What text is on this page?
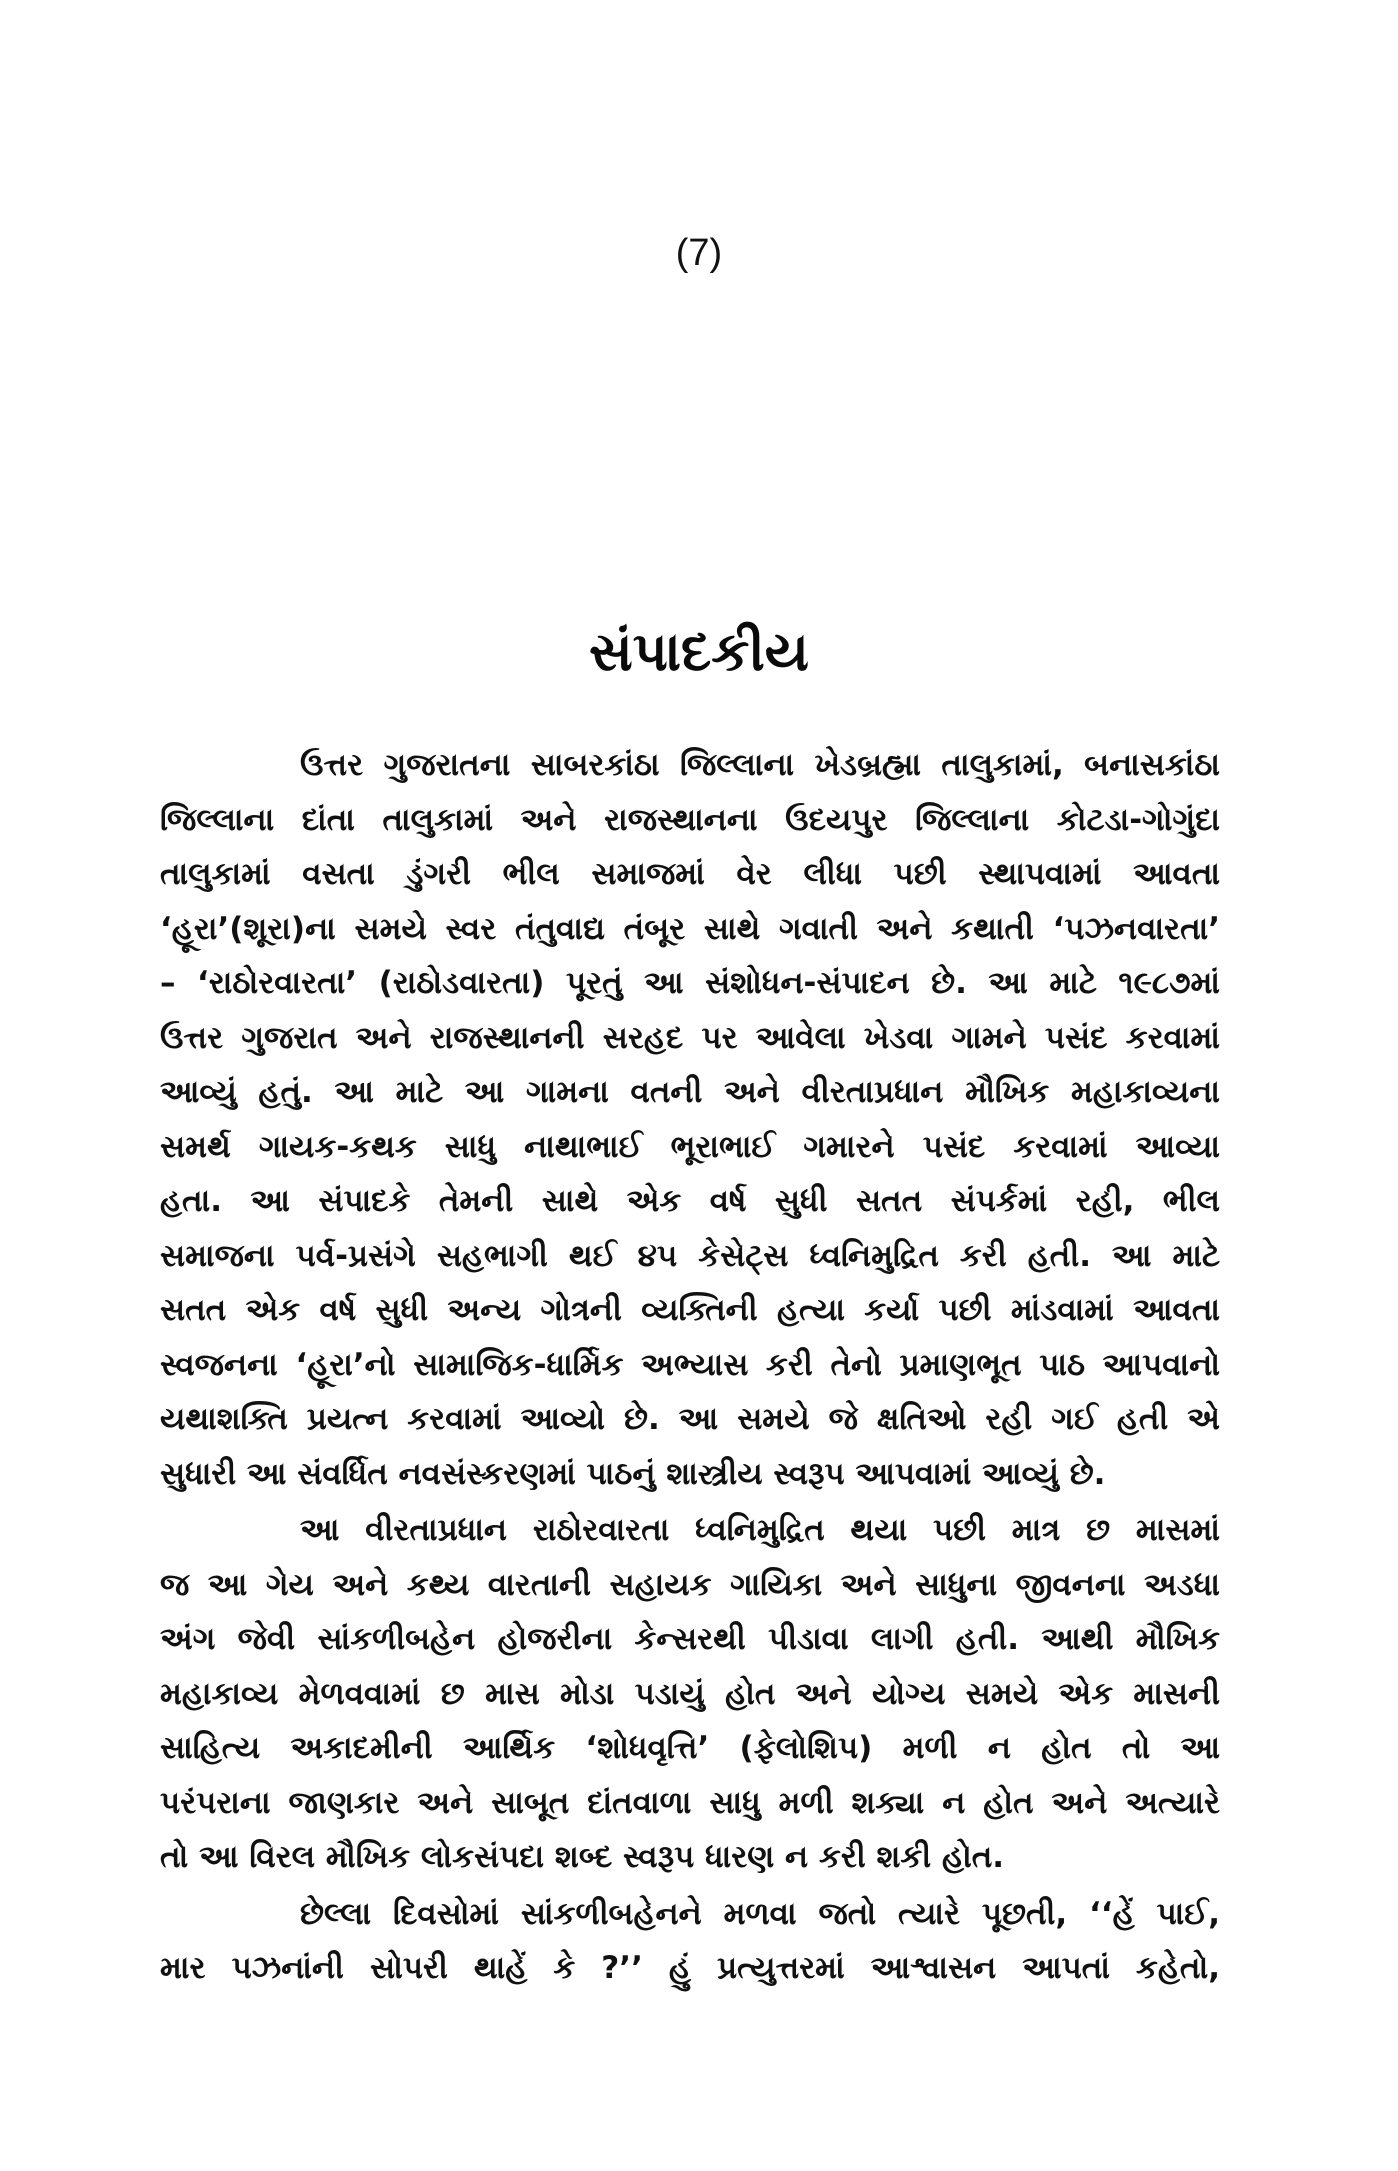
(7)
સંપાદકીય
ઉત્તર ગુજરાતના સાબરકાંઠા જિલ્લાના ખેડબ્રહ્મા તાલુકામાં, બનાસકાંઠા
જિલ્લાના દાંતા તાલુકામાં અને રાજસ્થાનના ઉદયપુર જિલ્લાના કોટડા-ગોગુંદા
તાલુકામાં વસતા ડુંગરી ભીલ સમાજમાં વેર લીધા પછી સ્થાપવામાં આવતા
‘હૂરા’(શૂરા)ના સમયે સ્વર તંતુવાદ્ય તંબૂર સાથે ગવાતી અને કથાતી ‘પઝનવારતા’
– ‘રાઠોરવારતા’ (રાઠોડવારતા) પૂરતું આ સંશોધન-સંપાદન છે. આ માટે ૧૯૮૭માં
ઉત્તર ગુજરાત અને રાજસ્થાનની સરહદ પર આવેલા ખેડવા ગામને પસંદ કરવામાં
આવ્યું હતું. આ માટે આ ગામના વતની અને વીરતાપ્રધાન મૌખિક મહાકાવ્યના
સમર્થ ગાયક-કથક સાધુ નાથાભાઈ ભૂરાભાઈ ગમારને પસંદ કરવામાં આવ્યા
હતા. આ સંપાદકે તેમની સાથે એક વર્ષ સુધી સતત સંપર્કમાં રહી, ભીલ
સમાજના પર્વ-પ્રસંગે સહભાગી થઈ ૪૫ કેસેટ્સ ધ્વનિમુદ્રિત કરી હતી. આ માટે
સતત એક વર્ષ સુધી અન્ય ગોત્રની વ્યક્તિની હત્યા કર્યા પછી માંડવામાં આવતા
સ્વજનના ‘હૂરા’નો સામાજિક-ધાર્મિક અભ્યાસ કરી તેનો પ્રમાણભૂત પાઠ આપવાનો
યથાશક્તિ પ્રયત્ન કરવામાં આવ્યો છે. આ સમયે જે ક્ષતિઓ રહી ગઈ હતી એ
સુધારી આ સંવર્ધિત નવસંસ્કરણમાં પાઠનું શાસ્ત્રીય સ્વરૂપ આપવામાં આવ્યું છે.
આ વીરતાપ્રધાન રાઠોરવારતા ધ્વનિમુદ્રિત થયા પછી માત્ર છ માસમાં
જ આ ગેય અને કથ્ય વારતાની સહાયક ગાયિકા અને સાધુના જીવનના અડધા
અંગ જેવી સાંકળીબહેન હોજરીના કેન્સરથી પીડાવા લાગી હતી. આથી મૌખિક
મહાકાવ્ય મેળવવામાં છ માસ મોડા પડાયું હોત અને યોગ્ય સમયે એક માસની
સાહિત્ય અકાદમીની આર્થિક ‘શોધવૃત્તિ’ (ફેલોશિપ) મળી ન હોત તો આ
પરંપરાના જાણકાર અને સાબૂત દાંતવાળા સાધુ મળી શક્યા ન હોત અને અત્યારે
તો આ વિરલ મૌખિક લોકસંપદા શબ્દ સ્વરૂપ ધારણ ન કરી શકી હોત.
છેલ્લા દિવસોમાં સાંકળીબહેનને મળવા જતો ત્યારે પૂછતી, ‘‘હેં પાઈ,
માર પઝનાંની સોપરી થાહેં કે ?’’ હું પ્રત્યુત્તરમાં આશ્વાસન આપતાં કહેતો,
